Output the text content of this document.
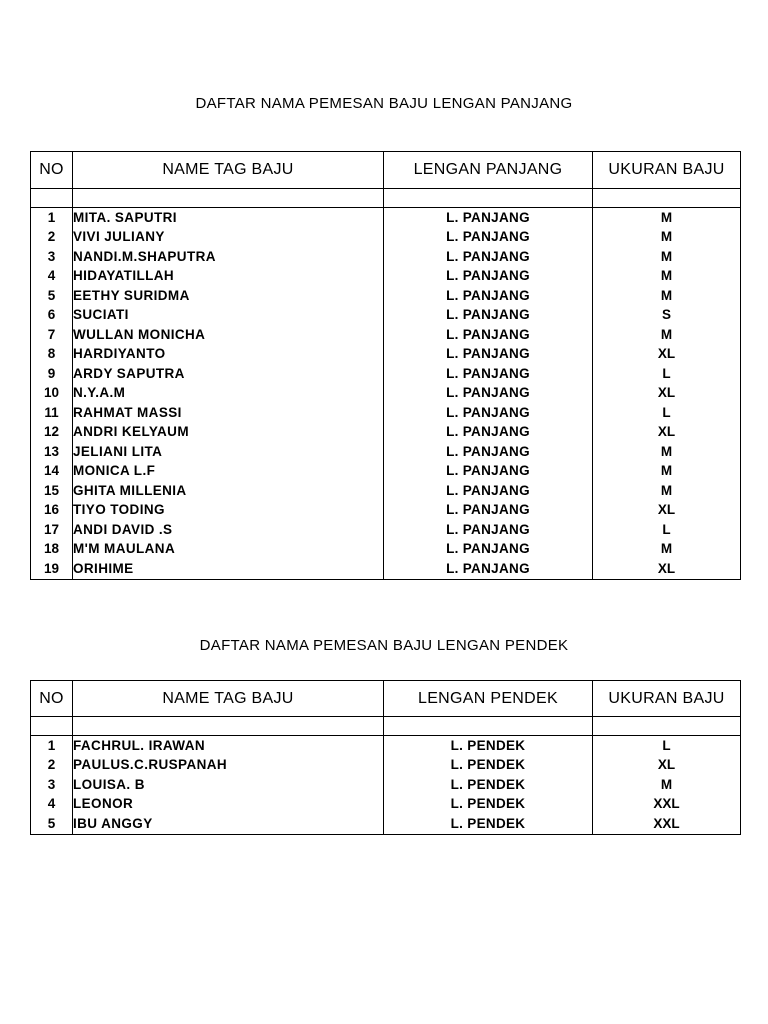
DAFTAR NAMA PEMESAN BAJU LENGAN PANJANG
NO	NAME TAG BAJU	LENGAN PANJANG	UKURAN BAJU

1	MITA. SAPUTRI	L. PANJANG	M
2	VIVI JULIANY	L. PANJANG	M
3	NANDI.M.SHAPUTRA	L. PANJANG	M
4	HIDAYATILLAH	L. PANJANG	M
5	EETHY SURIDMA	L. PANJANG	M
6	SUCIATI	L. PANJANG	S
7	WULLAN MONICHA	L. PANJANG	M
8	HARDIYANTO	L. PANJANG	XL
9	ARDY SAPUTRA	L. PANJANG	L
10	N.Y.A.M	L. PANJANG	XL
11	RAHMAT MASSI	L. PANJANG	L
12	ANDRI KELYAUM	L. PANJANG	XL
13	JELIANI LITA	L. PANJANG	M
14	MONICA L.F	L. PANJANG	M
15	GHITA MILLENIA	L. PANJANG	M
16	TIYO TODING	L. PANJANG	XL
17	ANDI DAVID .S	L. PANJANG	L
18	M'M MAULANA	L. PANJANG	M
19	ORIHIME	L. PANJANG	XL
DAFTAR NAMA PEMESAN BAJU LENGAN PENDEK
NO	NAME TAG BAJU	LENGAN PENDEK	UKURAN BAJU

1	FACHRUL. IRAWAN	L. PENDEK	L
2	PAULUS.C.RUSPANAH	L. PENDEK	XL
3	LOUISA. B	L. PENDEK	M
4	LEONOR	L. PENDEK	XXL
5	IBU ANGGY	L. PENDEK	XXL
